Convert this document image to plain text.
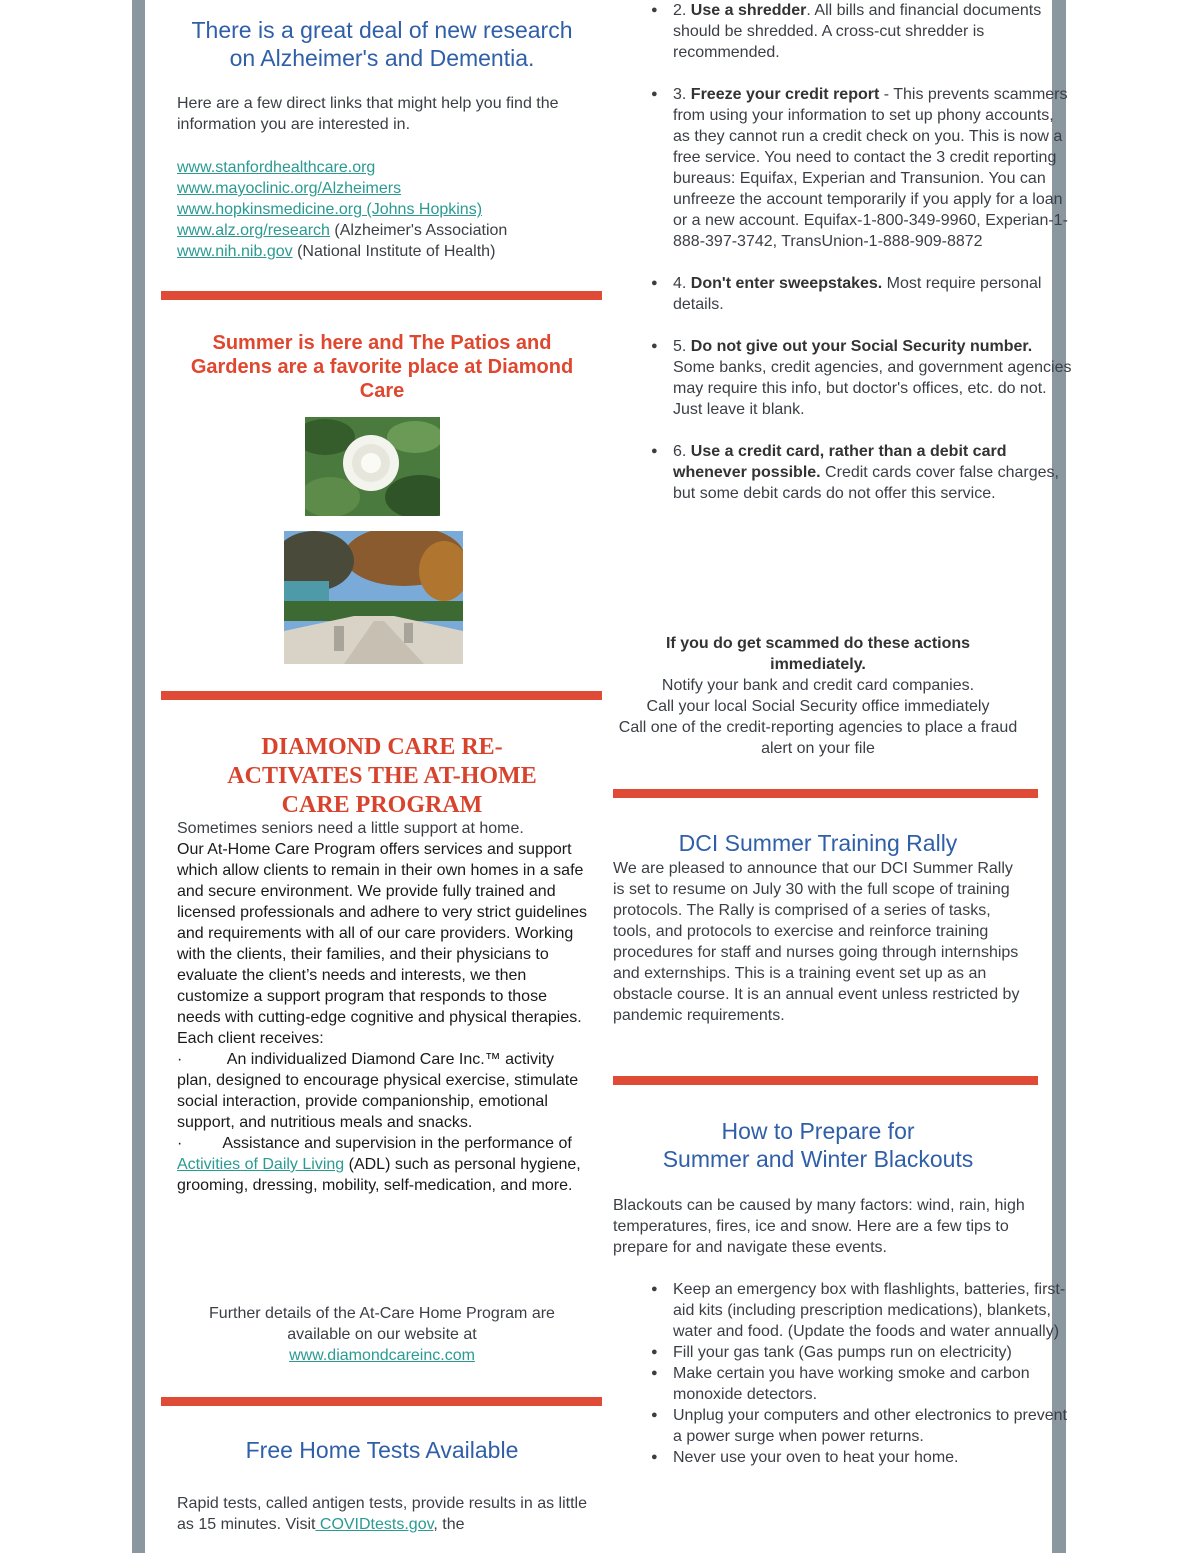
There is a great deal of new research on Alzheimer's and Dementia.

Here are a few direct links that might help you find the information you are interested in.

www.stanfordhealthcare.org
www.mayoclinic.org/Alzheimers
www.hopkinsmedicine.org (Johns Hopkins)
www.alz.org/research (Alzheimer's Association
www.nih.nib.gov (National Institute of Health)
Summer is here and The Patios and Gardens are a favorite place at Diamond Care
DIAMOND CARE RE-ACTIVATES THE AT-HOME CARE PROGRAM
Sometimes seniors need a little support at home.
Our At-Home Care Program offers services and support which allow clients to remain in their own homes in a safe and secure environment. We provide fully trained and licensed professionals and adhere to very strict guidelines and requirements with all of our care providers. Working with the clients, their families, and their physicians to evaluate the client’s needs and interests, we then customize a support program that responds to those needs with cutting-edge cognitive and physical therapies. Each client receives:
·          An individualized Diamond Care Inc.™ activity plan, designed to encourage physical exercise, stimulate social interaction, provide companionship, emotional support, and nutritious meals and snacks.
·         Assistance and supervision in the performance of Activities of Daily Living (ADL) such as personal hygiene, grooming, dressing, mobility, self-medication, and more.
Further details of the At-Care Home Program are available on our website at
www.diamondcareinc.com
Free Home Tests Available

Rapid tests, called antigen tests, provide results in as little as 15 minutes. Visit COVIDtests.gov, the

● 2. Use a shredder. All bills and financial documents should be shredded. A cross-cut shredder is recommended.
● 3. Freeze your credit report - This prevents scammers from using your information to set up phony accounts, as they cannot run a credit check on you. This is now a free service. You need to contact the 3 credit reporting bureaus: Equifax, Experian and Transunion. You can unfreeze the account temporarily if you apply for a loan or a new account. Equifax-1-800-349-9960, Experian-1-888-397-3742, TransUnion-1-888-909-8872
● 4. Don't enter sweepstakes. Most require personal details.
● 5. Do not give out your Social Security number. Some banks, credit agencies, and government agencies may require this info, but doctor's offices, etc. do not. Just leave it blank.
● 6. Use a credit card, rather than a debit card whenever possible. Credit cards cover false charges, but some debit cards do not offer this service.
If you do get scammed do these actions immediately.
Notify your bank and credit card companies.
Call your local Social Security office immediately
Call one of the credit-reporting agencies to place a fraud alert on your file
DCI Summer Training Rally

We are pleased to announce that our DCI Summer Rally is set to resume on July 30 with the full scope of training protocols. The Rally is comprised of a series of tasks, tools, and protocols to exercise and reinforce training procedures for staff and nurses going through internships and externships. This is a training event set up as an obstacle course. It is an annual event unless restricted by pandemic requirements.

How to Prepare for
Summer and Winter Blackouts

Blackouts can be caused by many factors: wind, rain, high temperatures, fires, ice and snow. Here are a few tips to prepare for and navigate these events.

● Keep an emergency box with flashlights, batteries, first-aid kits (including prescription medications), blankets, water and food. (Update the foods and water annually)
● Fill your gas tank (Gas pumps run on electricity)
● Make certain you have working smoke and carbon monoxide detectors.
● Unplug your computers and other electronics to prevent a power surge when power returns.
● Never use your oven to heat your home.
